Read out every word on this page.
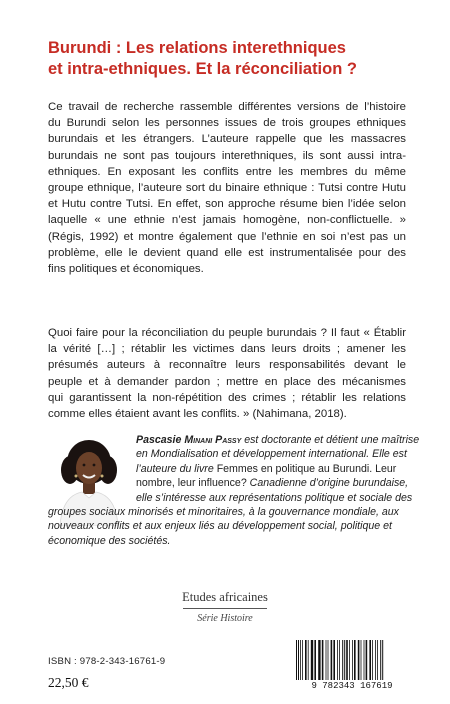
Burundi : Les relations interethniques
et intra-ethniques. Et la réconciliation ?
Ce travail de recherche rassemble différentes versions de l’histoire
du Burundi selon les personnes issues de trois groupes ethniques
burundais et les étrangers. L’auteure rappelle que les massacres
burundais ne sont pas toujours interethniques, ils sont aussi intra-
ethniques. En exposant les conflits entre les membres du même
groupe ethnique, l’auteure sort du binaire ethnique : Tutsi contre Hutu
et Hutu contre Tutsi. En effet, son approche résume bien l’idée selon
laquelle « une ethnie n’est jamais homogène, non-conflictuelle. »
(Régis, 1992) et montre également que l’ethnie en soi n’est pas un
problème, elle le devient quand elle est instrumentalisée pour des
fins politiques et économiques.
Quoi faire pour la réconciliation du peuple burundais ? Il faut « Établir
la vérité […] ; rétablir les victimes dans leurs droits ; amener les
présumés auteurs à reconnaître leurs responsabilités devant le
peuple et à demander pardon ; mettre en place des mécanismes
qui garantissent la non-répétition des crimes ; rétablir les relations
comme elles étaient avant les conflits. » (Nahimana, 2018).
Pascasie Minani Passy est doctorante et détient une maîtrise
en Mondialisation et développement international. Elle est
l’auteure du livre Femmes en politique au Burundi. Leur
nombre, leur influence? Canadienne d’origine burundaise,
elle s’intéresse aux représentations politique et sociale des
groupes sociaux minorisés et minoritaires, à la gouvernance mondiale, aux
nouveaux conflits et aux enjeux liés au développement social, politique et
économique des sociétés.
Etudes africaines
Série Histoire
ISBN : 978-2-343-16761-9
22,50 €	9 782343 167619
